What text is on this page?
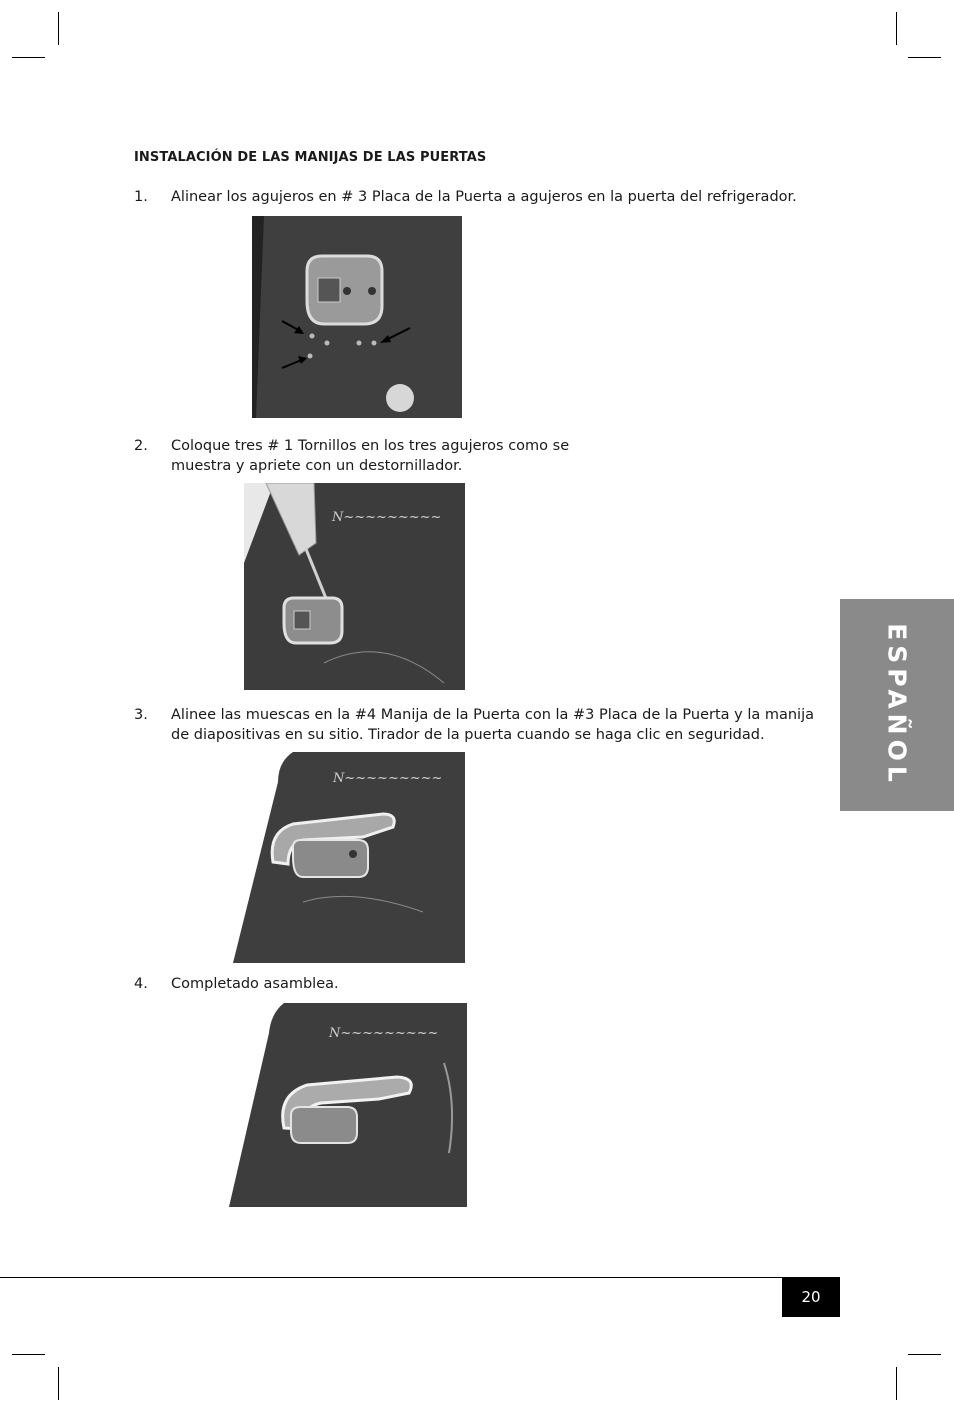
INSTALACIÓN DE LAS MANIJAS DE LAS PUERTAS
1.	Alinear los agujeros en # 3 Placa de la Puerta a agujeros en la puerta del refrigerador.
2.	Coloque tres # 1 Tornillos en los tres agujeros como se
muestra y apriete con un destornillador.
N~~~~~~~~~
3.	Alinee las muescas en la #4 Manija de la Puerta con la #3 Placa de la Puerta y la manija
de diapositivas en su sitio. Tirador de la puerta cuando se haga clic en seguridad.
N~~~~~~~~~
4.	Completado asamblea.
N~~~~~~~~~
ESPAÑOL
20
